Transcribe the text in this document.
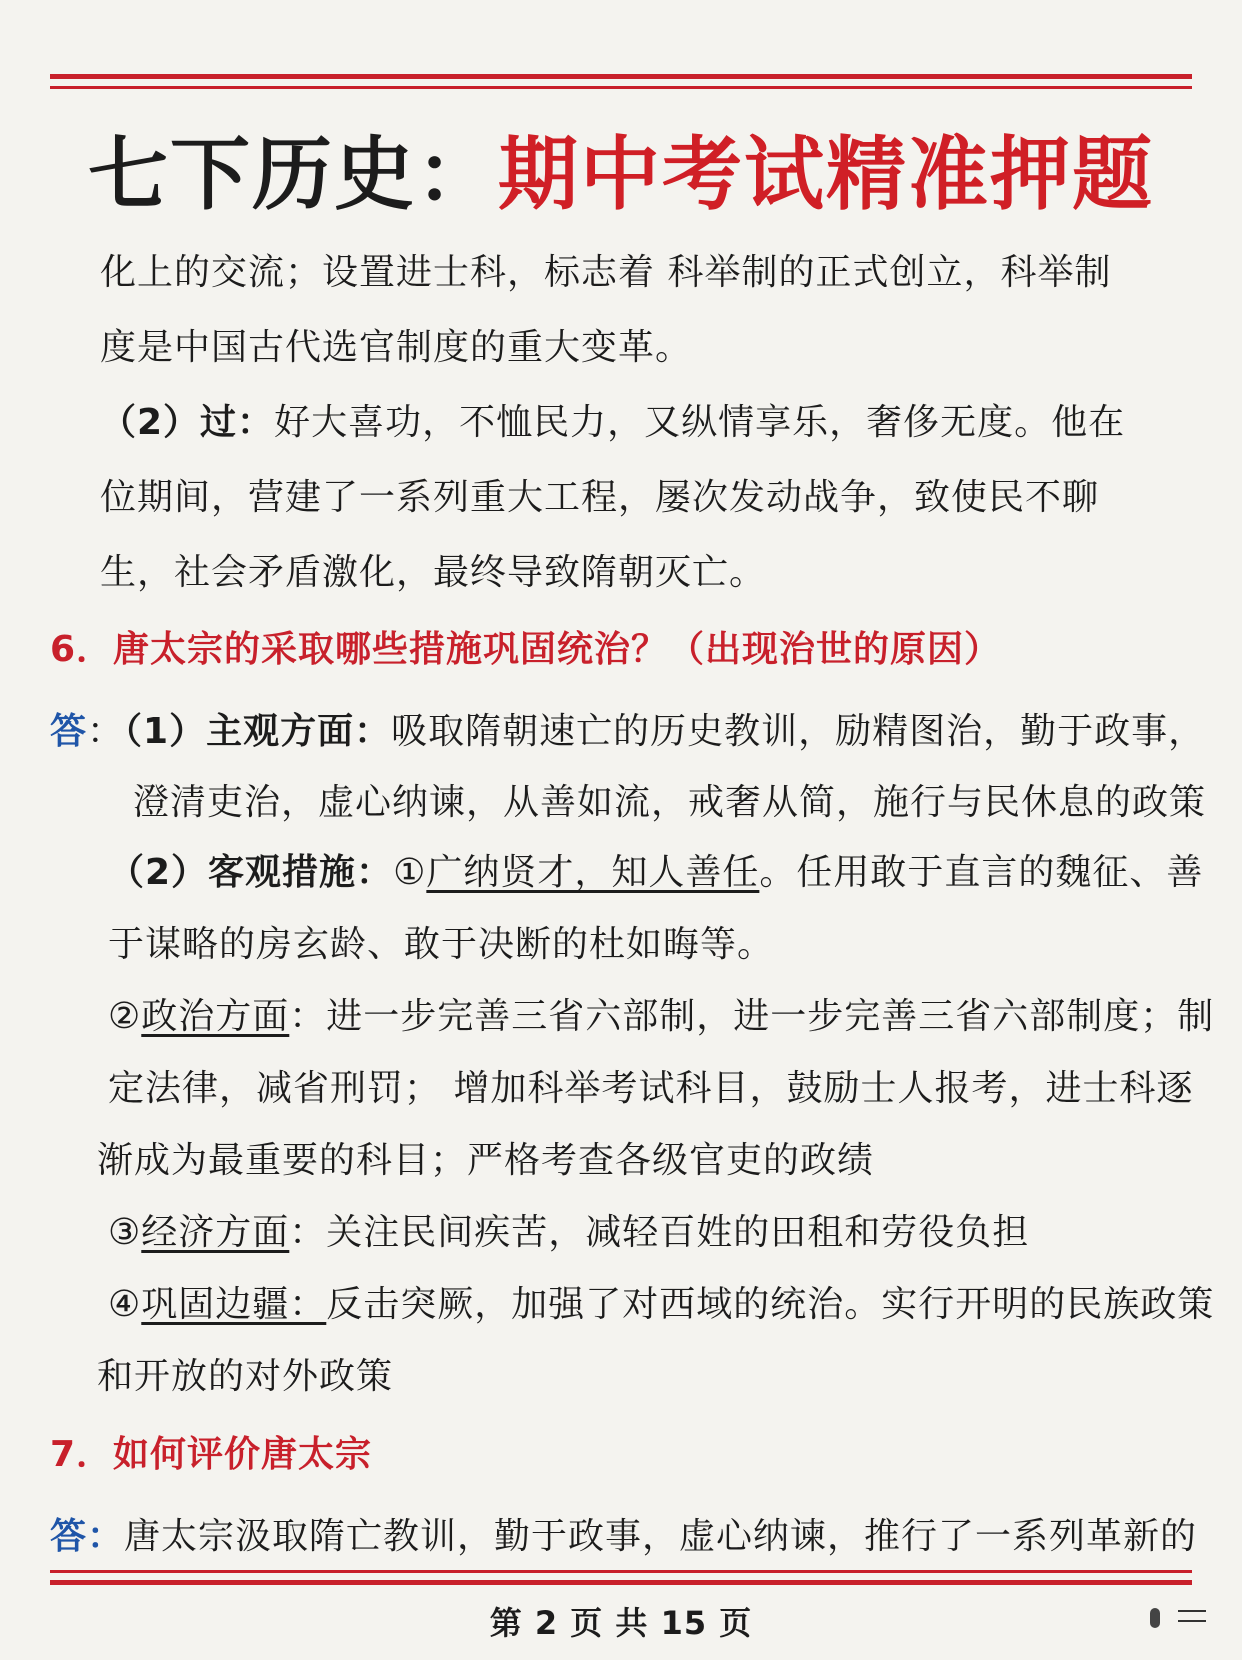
七下历史：期中考试精准押题
化上的交流；设置进士科，标志着 科举制的正式创立，科举制
度是中国古代选官制度的重大变革。
（2）过：好大喜功，不恤民力，又纵情享乐，奢侈无度。他在
位期间，营建了一系列重大工程，屡次发动战争，致使民不聊
生，社会矛盾激化，最终导致隋朝灭亡。
6．唐太宗的采取哪些措施巩固统治？（出现治世的原因）
答：（1）主观方面：吸取隋朝速亡的历史教训，励精图治，勤于政事，
澄清吏治，虚心纳谏，从善如流，戒奢从简，施行与民休息的政策
（2）客观措施：①广纳贤才，知人善任。任用敢于直言的魏征、善
于谋略的房玄龄、敢于决断的杜如晦等。
②政治方面：进一步完善三省六部制，进一步完善三省六部制度；制
定法律，减省刑罚； 增加科举考试科目，鼓励士人报考，进士科逐
渐成为最重要的科目；严格考查各级官吏的政绩
③经济方面：关注民间疾苦，减轻百姓的田租和劳役负担
④巩固边疆：反击突厥，加强了对西域的统治。实行开明的民族政策
和开放的对外政策
7．如何评价唐太宗
答：唐太宗汲取隋亡教训，勤于政事，虚心纳谏，推行了一系列革新的
第 2 页 共 15 页
